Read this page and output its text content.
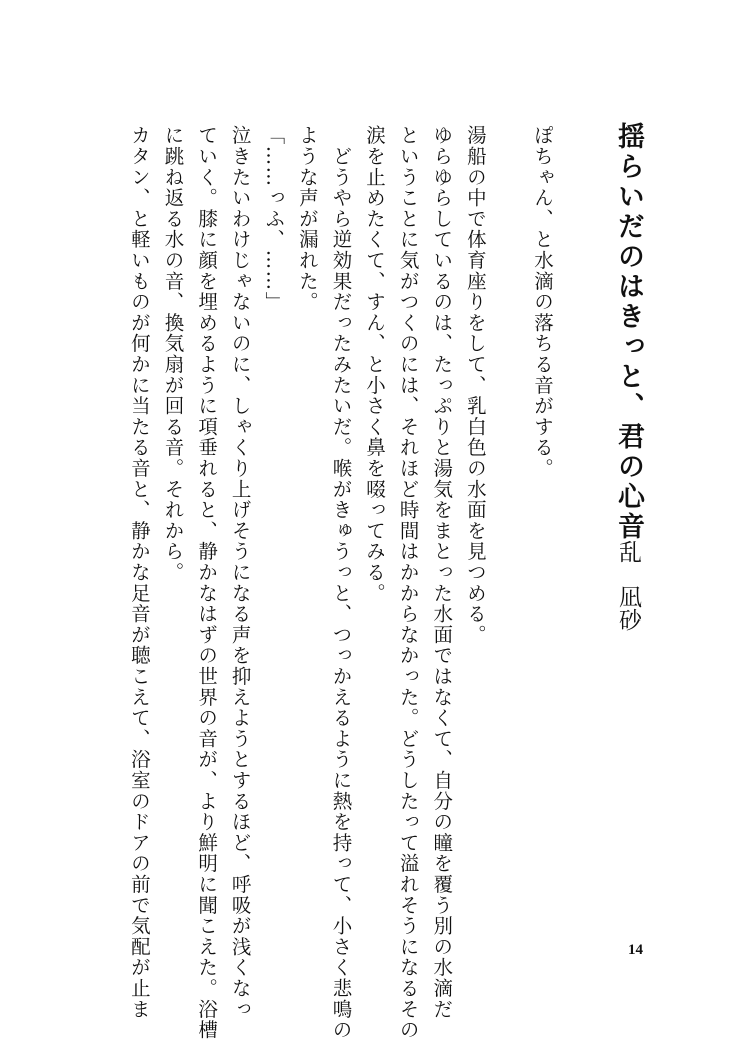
揺らいだのはきっと、君の心音
乱凪砂
ぽちゃん、と水滴の落ちる音がする。

湯船の中で体育座りをして、乳白色の水面を見つめる。
ゆらゆらしているのは、たっぷりと湯気をまとった水面ではなくて、自分の瞳を覆う別の水滴だ
ということに気がつくのには、それほど時間はかからなかった。どうしたって溢れそうになるその
涙を止めたくて、すん、と小さく鼻を啜ってみる。
　どうやら逆効果だったみたいだ。喉がきゅうっと、つっかえるように熱を持って、小さく悲鳴の
ような声が漏れた。
「……っふ、……」
泣きたいわけじゃないのに、しゃくり上げそうになる声を抑えようとするほど、呼吸が浅くなっ
ていく。膝に顔を埋めるように項垂れると、静かなはずの世界の音が、より鮮明に聞こえた。浴槽
に跳ね返る水の音、換気扇が回る音。それから。
カタン、と軽いものが何かに当たる音と、静かな足音が聴こえて、浴室のドアの前で気配が止ま	14
